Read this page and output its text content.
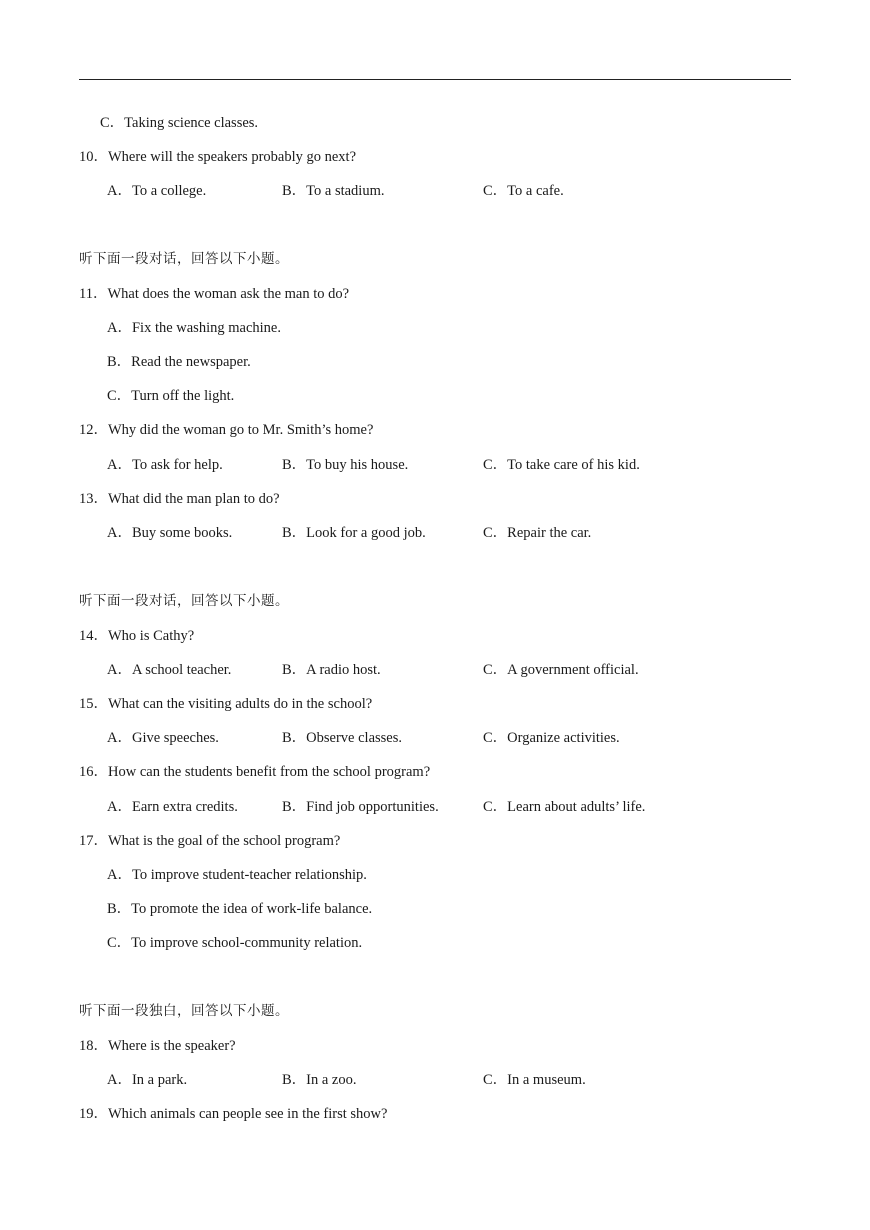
C．Taking science classes.
10．Where will the speakers probably go next?
A．To a college.	B．To a stadium.	C．To a cafe.
听下面一段对话，回答以下小题。
11．What does the woman ask the man to do?
A．Fix the washing machine.
B．Read the newspaper.
C．Turn off the light.
12．Why did the woman go to Mr. Smith’s home?
A．To ask for help.	B．To buy his house.	C．To take care of his kid.
13．What did the man plan to do?
A．Buy some books.	B．Look for a good job.	C．Repair the car.
听下面一段对话，回答以下小题。
14．Who is Cathy?
A．A school teacher.	B．A radio host.	C．A government official.
15．What can the visiting adults do in the school?
A．Give speeches.	B．Observe classes.	C．Organize activities.
16．How can the students benefit from the school program?
A．Earn extra credits.	B．Find job opportunities.	C．Learn about adults’ life.
17．What is the goal of the school program?
A．To improve student-teacher relationship.
B．To promote the idea of work-life balance.
C．To improve school-community relation.
听下面一段独白，回答以下小题。
18．Where is the speaker?
A．In a park.	B．In a zoo.	C．In a museum.
19．Which animals can people see in the first show?
